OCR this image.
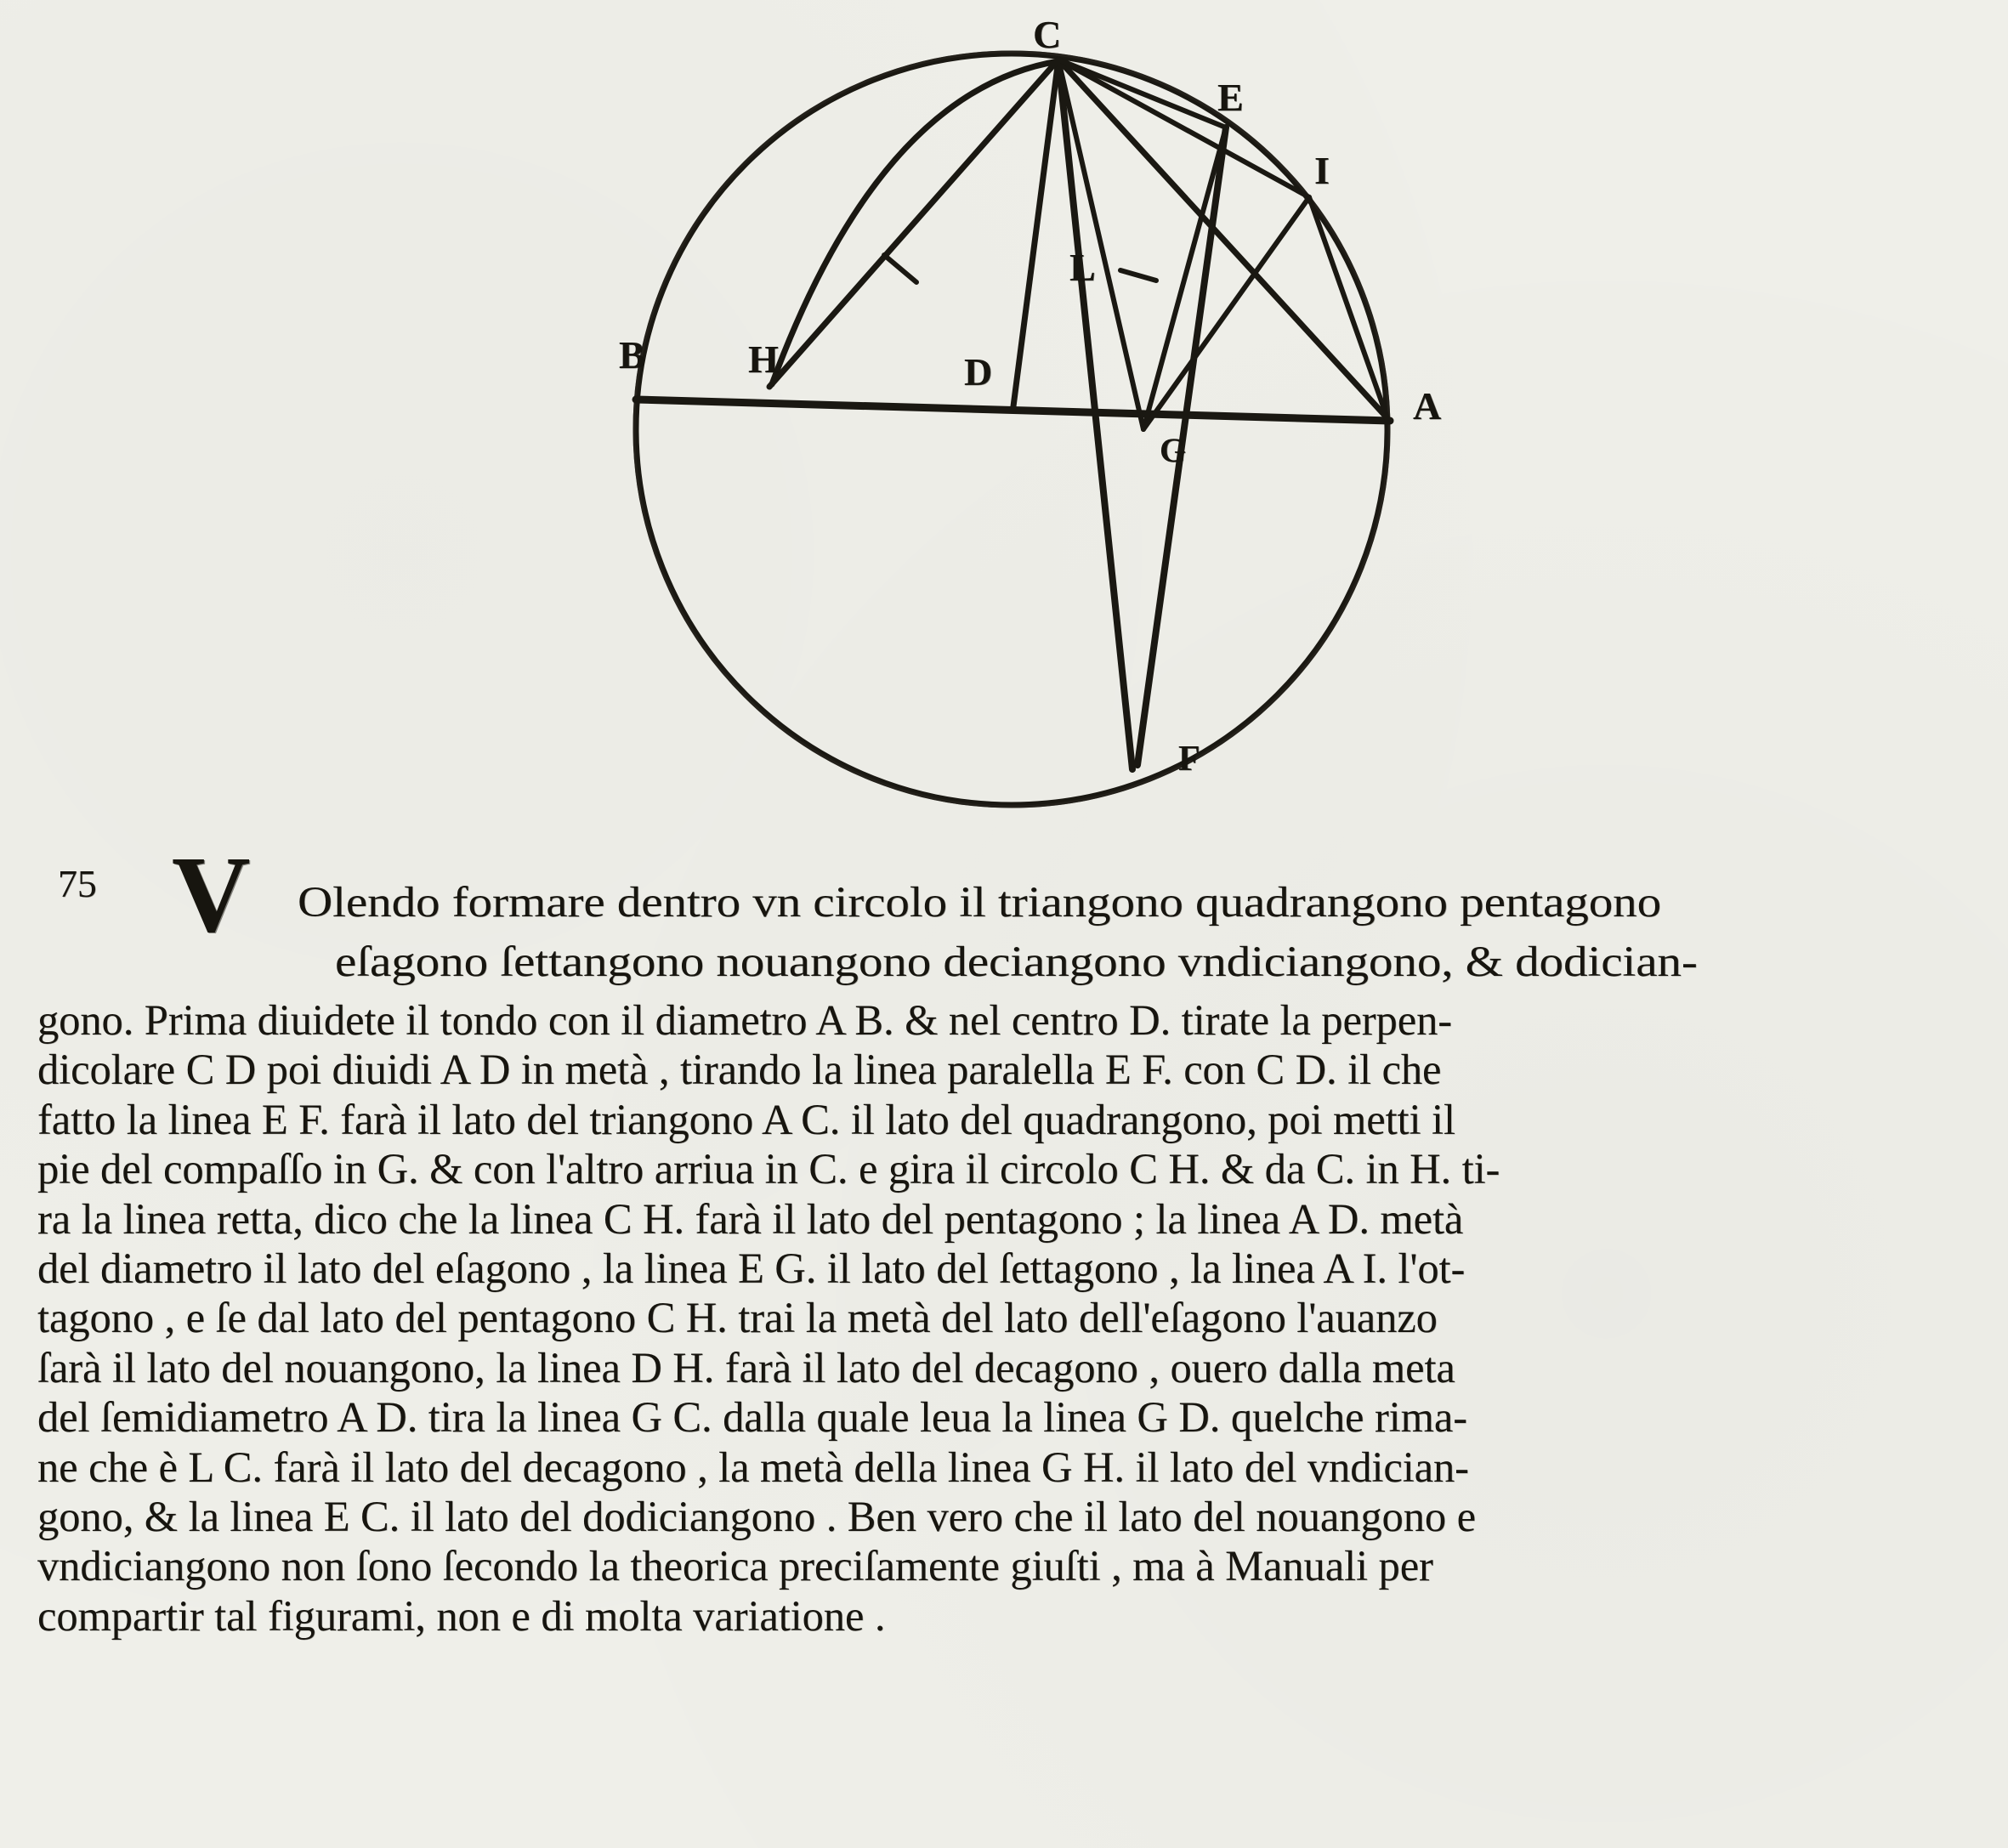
C
E
I
L
B	H	D
A
G
F
75 V Olendo formare dentro vn circolo il triangono quadrangono pentagono
eſagono ſettangono nouangono deciangono vndiciangono, & dodician-
gono. Prima diuidete il tondo con il diametro A B. & nel centro D. tirate la perpen-
dicolare C D poi diuidi A D in metà , tirando la linea paralella E F. con C D. il che
fatto la linea E F. farà il lato del triangono A C. il lato del quadrangono, poi metti il
pie del compaſſo in G. & con l'altro arriua in C. e gira il circolo C H. & da C. in H. ti-
ra la linea retta, dico che la linea C H. farà il lato del pentagono ; la linea A D. metà
del diametro il lato del eſagono , la linea E G. il lato del ſettagono , la linea A I. l'ot-
tagono , e ſe dal lato del pentagono C H. trai la metà del lato dell'eſagono l'auanzo
ſarà il lato del nouangono, la linea D H. farà il lato del decagono , ouero dalla meta
del ſemidiametro A D. tira la linea G C. dalla quale leua la linea G D. quelche rima-
ne che è L C. farà il lato del decagono , la metà della linea G H. il lato del vndician-
gono, & la linea E C. il lato del dodiciangono . Ben vero che il lato del nouangono e
vndiciangono non ſono ſecondo la theorica preciſamente giuſti , ma à Manuali per
compartir tal figurami, non e di molta variatione .
